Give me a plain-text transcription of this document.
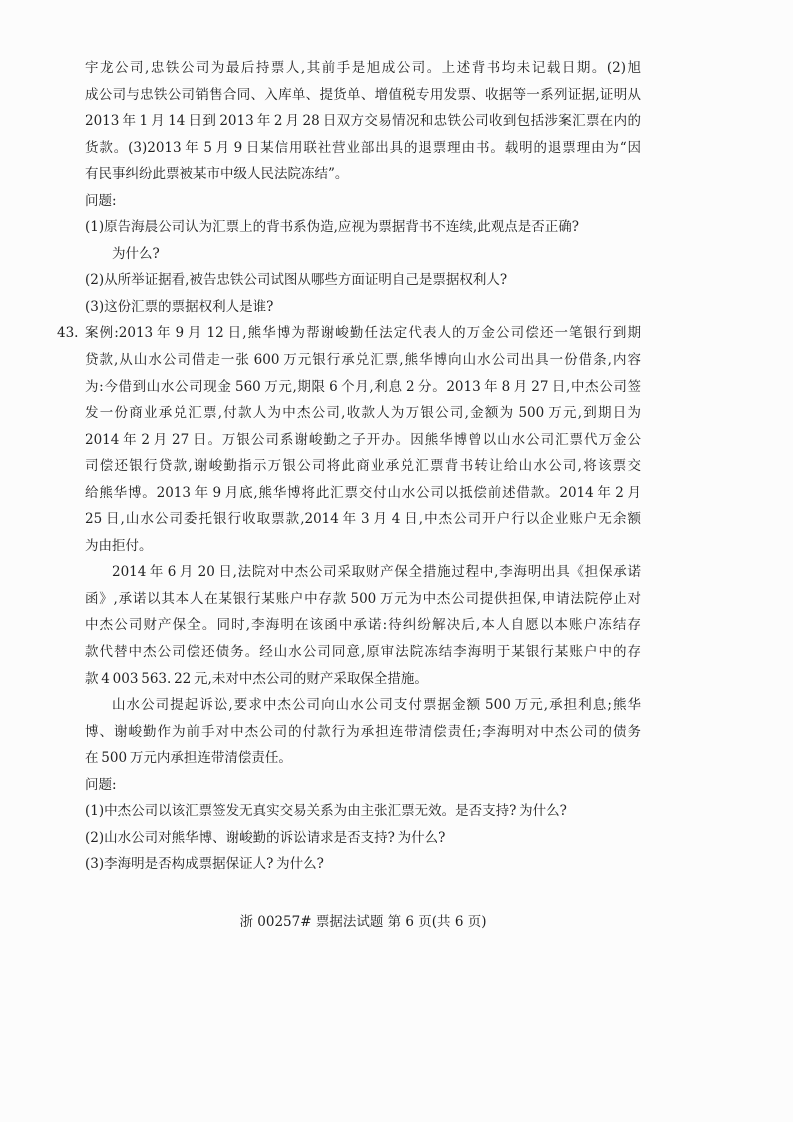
宇龙公司,忠铁公司为最后持票人,其前手是旭成公司。上述背书均未记载日期。(2)旭
成公司与忠铁公司销售合同、入库单、提货单、增值税专用发票、收据等一系列证据,证明从
2013 年 1 月 14 日到 2013 年 2 月 28 日双方交易情况和忠铁公司收到包括涉案汇票在内的
货款。(3)2013 年 5 月 9 日某信用联社营业部出具的退票理由书。载明的退票理由为“因
有民事纠纷此票被某市中级人民法院冻结”。
问题:
(1)原告海晨公司认为汇票上的背书系伪造,应视为票据背书不连续,此观点是否正确?
为什么?
(2)从所举证据看,被告忠铁公司试图从哪些方面证明自己是票据权利人?
(3)这份汇票的票据权利人是谁?
43. 案例:2013 年 9 月 12 日,熊华博为帮谢峻勤任法定代表人的万金公司偿还一笔银行到期
贷款,从山水公司借走一张 600 万元银行承兑汇票,熊华博向山水公司出具一份借条,内容
为:今借到山水公司现金 560 万元,期限 6 个月,利息 2 分。2013 年 8 月 27 日,中杰公司签
发一份商业承兑汇票,付款人为中杰公司,收款人为万银公司,金额为 500 万元,到期日为
2014 年 2 月 27 日。万银公司系谢峻勤之子开办。因熊华博曾以山水公司汇票代万金公
司偿还银行贷款,谢峻勤指示万银公司将此商业承兑汇票背书转让给山水公司,将该票交
给熊华博。2013 年 9 月底,熊华博将此汇票交付山水公司以抵偿前述借款。2014 年 2 月
25 日,山水公司委托银行收取票款,2014 年 3 月 4 日,中杰公司开户行以企业账户无余额
为由拒付。
2014 年 6 月 20 日,法院对中杰公司采取财产保全措施过程中,李海明出具《担保承诺
函》,承诺以其本人在某银行某账户中存款 500 万元为中杰公司提供担保,申请法院停止对
中杰公司财产保全。同时,李海明在该函中承诺:待纠纷解决后,本人自愿以本账户冻结存
款代替中杰公司偿还债务。经山水公司同意,原审法院冻结李海明于某银行某账户中的存
款 4 003 563. 22 元,未对中杰公司的财产采取保全措施。
山水公司提起诉讼,要求中杰公司向山水公司支付票据金额 500 万元,承担利息;熊华
博、谢峻勤作为前手对中杰公司的付款行为承担连带清偿责任;李海明对中杰公司的债务
在 500 万元内承担连带清偿责任。
问题:
(1)中杰公司以该汇票签发无真实交易关系为由主张汇票无效。是否支持? 为什么?
(2)山水公司对熊华博、谢峻勤的诉讼请求是否支持? 为什么?
(3)李海明是否构成票据保证人? 为什么?
浙 00257# 票据法试题 第 6 页(共 6 页)
